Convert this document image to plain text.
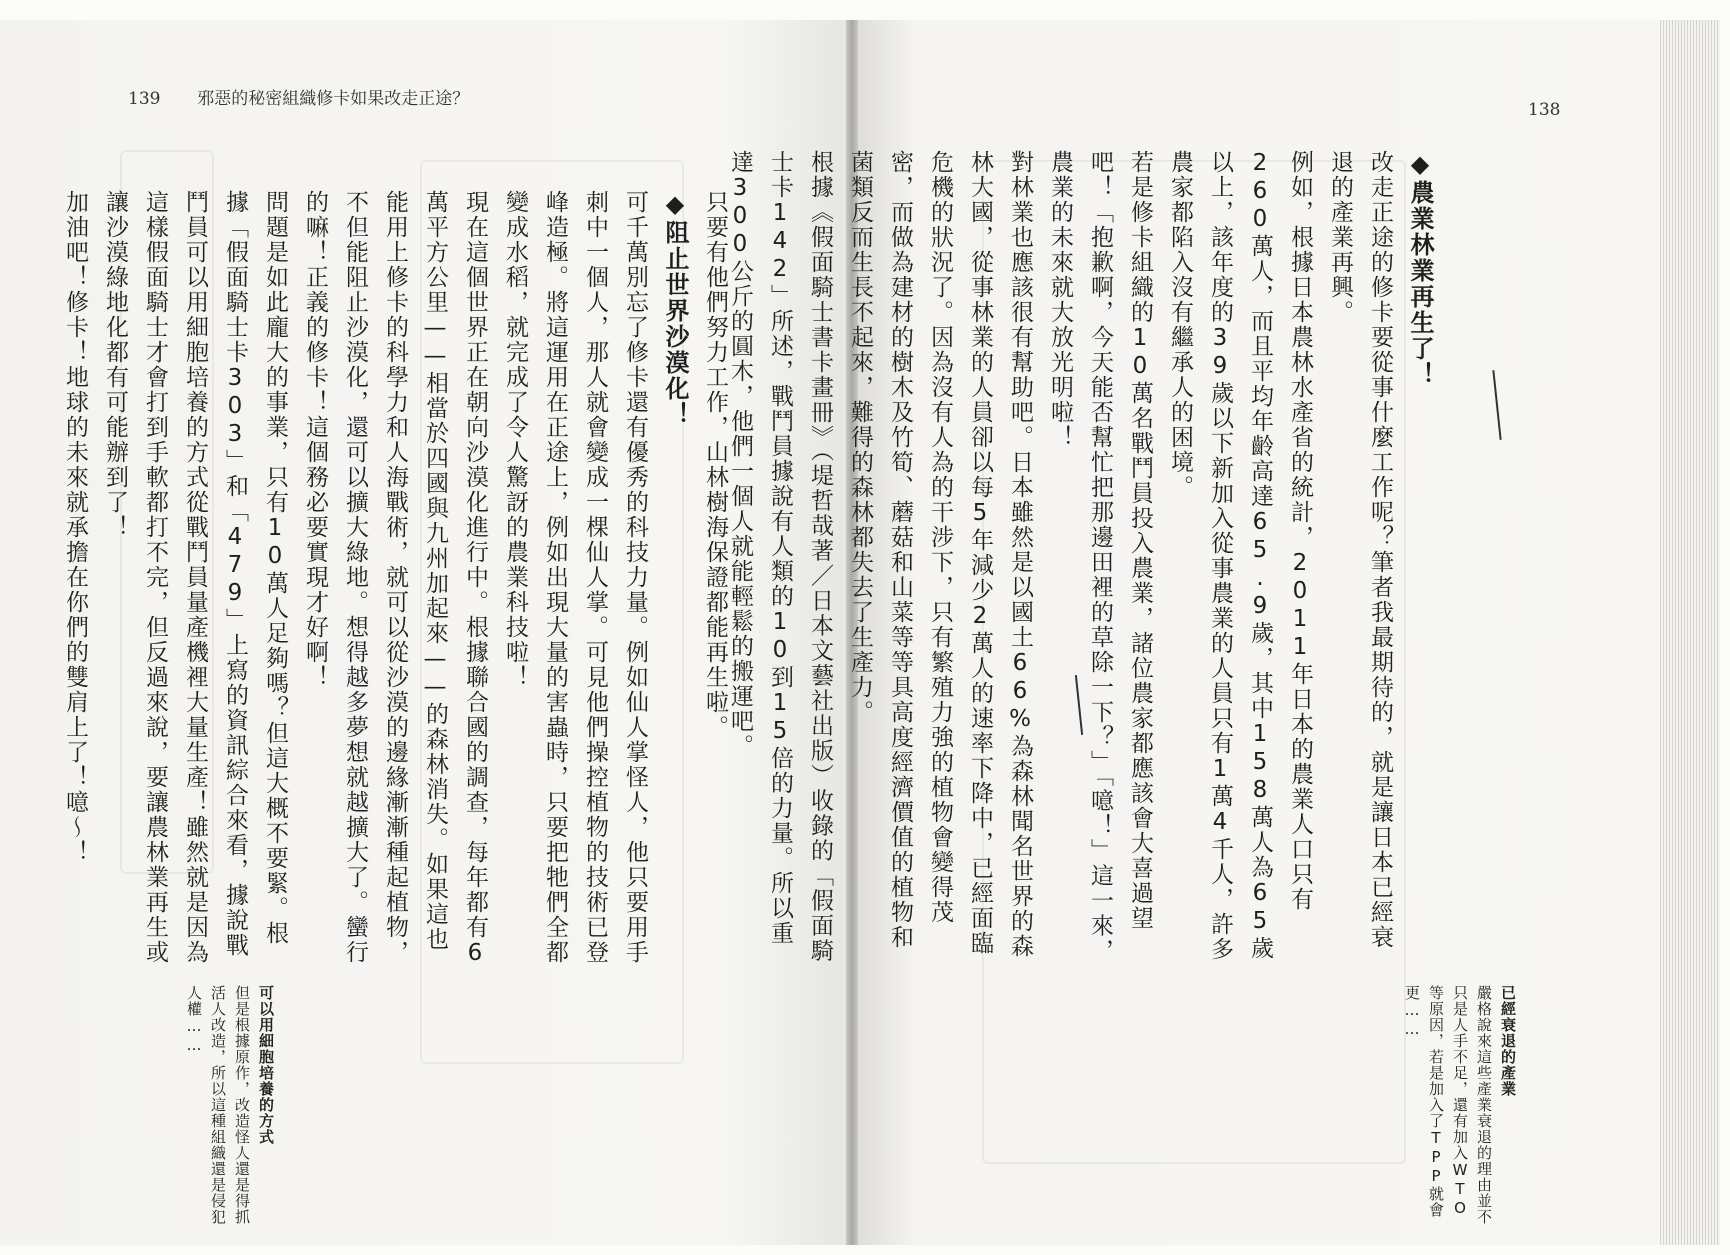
139 邪惡的秘密組織修卡如果改走正途？
138

◆農業林業再生了！

改走正途的修卡要從事什麼工作呢？筆者我最期待的，就是讓日本已經衰退的產業再興。

例如，根據日本農林水產省的統計，2011年日本的農業人口只有260萬人，而且平均年齡高達65.9歲，其中158萬人為65歲以上，該年度的39歲以下新加入從事農業的人員只有1萬4千人，許多農家都陷入沒有繼承人的困境。

若是修卡組織的10萬名戰鬥員投入農業，諸位農家都應該會大喜過望吧！「抱歉啊，今天能否幫忙把那邊田裡的草除一下？」「噫！」這一來，農業的未來就大放光明啦！

對林業也應該很有幫助吧。日本雖然是以國土66%為森林聞名世界的森林大國，從事林業的人員卻以每5年減少2萬人的速率下降中，已經面臨危機的狀況了。因為沒有人為的干涉下，只有繁殖力強的植物會變得茂密，而做為建材的樹木及竹筍、蘑菇和山菜等等具高度經濟價值的植物和菌類反而生長不起來，難得的森林都失去了生產力。

根據《假面騎士書卡畫冊》（堤哲哉著／日本文藝社出版）收錄的「假面騎士卡142」所述，戰鬥員據說有人類的10到15倍的力量。所以重達300公斤的圓木，他們一個人就能輕鬆的搬運吧。

已經衰退的產業

嚴格說來這些產業衰退的理由並不只是人手不足，還有加入WTO等原因，若是加入了TPP就會更……

只要有他們努力工作，山林樹海保證都能再生啦。

◆阻止世界沙漠化！

可千萬別忘了修卡還有優秀的科技力量。例如仙人掌怪人，他只要用手刺中一個人，那人就會變成一棵仙人掌。可見他們操控植物的技術已登峰造極。將這運用在正途上，例如出現大量的害蟲時，只要把牠們全都變成水稻，就完成了令人驚訝的農業科技啦！

現在這個世界正在朝向沙漠化進行中。根據聯合國的調查，每年都有6萬平方公里——相當於四國與九州加起來——的森林消失。如果這也能用上修卡的科學力和人海戰術，就可以從沙漠的邊緣漸漸種起植物，不但能阻止沙漠化，還可以擴大綠地。想得越多夢想就越擴大了。蠻行的嘛！正義的修卡！這個務必要實現才好啊！

問題是如此龐大的事業，只有10萬人足夠嗎？但這大概不要緊。根據「假面騎士卡303」和「479」上寫的資訊綜合來看，據說戰鬥員可以用細胞培養的方式從戰鬥員量產機裡大量生產！雖然就是因為這樣假面騎士才會打到手軟都打不完，但反過來說，要讓農林業再生或讓沙漠綠地化都有可能辦到了！

加油吧！修卡！地球的未來就承擔在你們的雙肩上了！噫〜！

可以用細胞培養的方式

但是根據原作，改造怪人還是得抓活人改造，所以這種組織還是侵犯人權……
